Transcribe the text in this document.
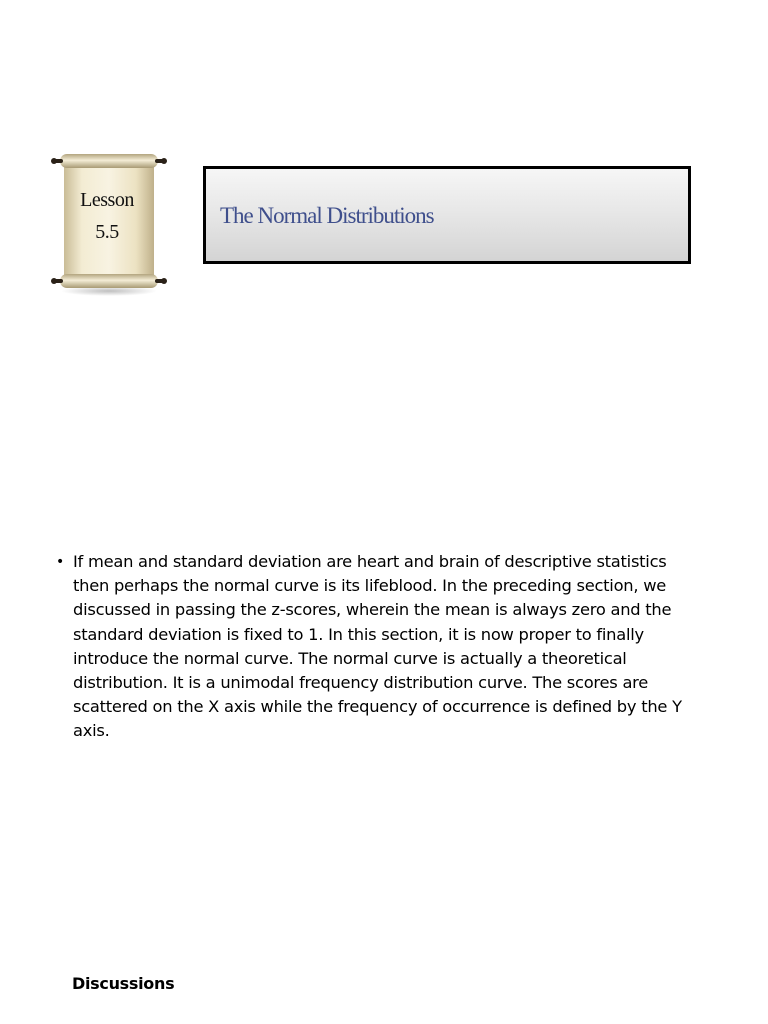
Lesson
5.5
The Normal Distributions
• If mean and standard deviation are heart and brain of descriptive statistics then perhaps the normal curve is its lifeblood. In the preceding section, we discussed in passing the z-scores, wherein the mean is always zero and the standard deviation is fixed to 1. In this section, it is now proper to finally introduce the normal curve. The normal curve is actually a theoretical distribution. It is a unimodal frequency distribution curve. The scores are scattered on the X axis while the frequency of occurrence is defined by the Y axis.

Discussions
